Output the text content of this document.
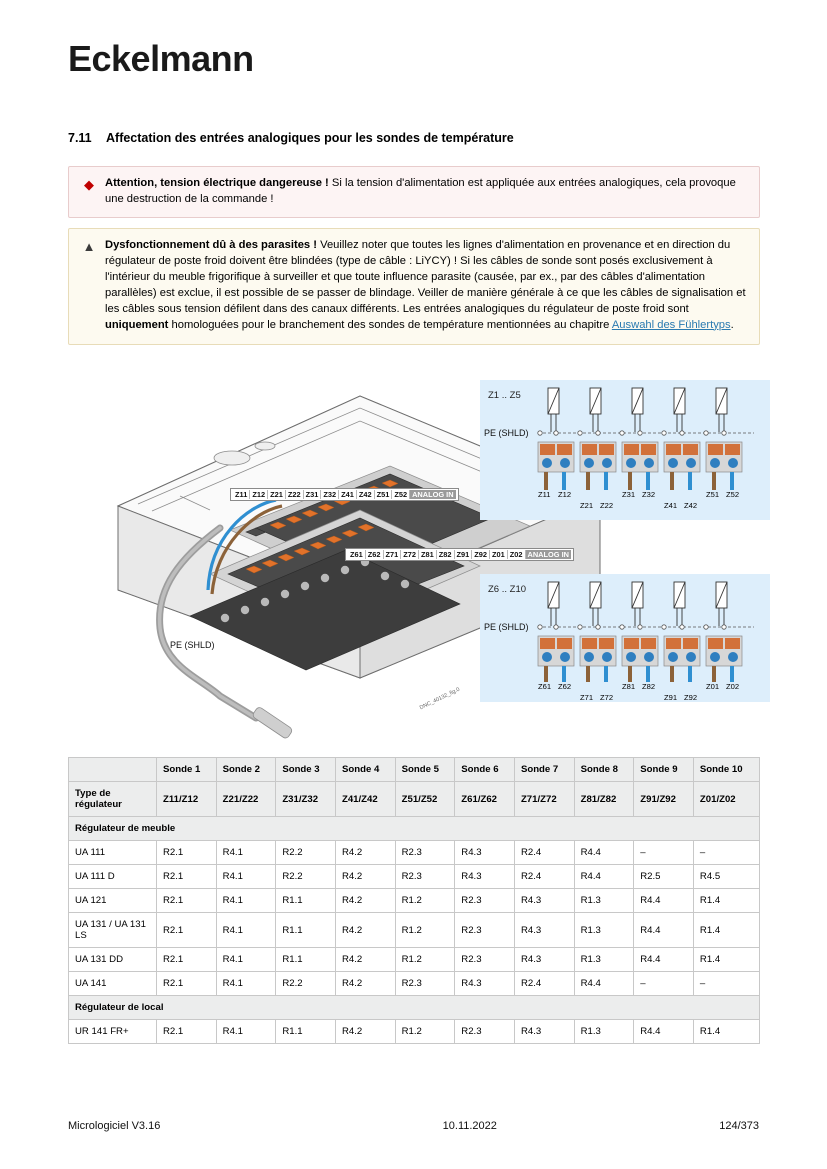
Eckelmann
7.11 Affectation des entrées analogiques pour les sondes de température
◆ Attention, tension électrique dangereuse ! Si la tension d'alimentation est appliquée aux entrées analogiques, cela provoque une destruction de la commande !
▲ Dysfonctionnement dû à des parasites ! Veuillez noter que toutes les lignes d'alimentation en provenance et en direction du régulateur de poste froid doivent être blindées (type de câble : LiYCY) ! Si les câbles de sonde sont posés exclusivement à l'intérieur du meuble frigorifique à surveiller et que toute influence parasite (causée, par ex., par des câbles d'alimentation parallèles) est exclue, il est possible de se passer de blindage. Veiller de manière générale à ce que les câbles de signalisation et les câbles sous tension défilent dans des canaux différents. Les entrées analogiques du régulateur de poste froid sont uniquement homologuées pour le branchement des sondes de température mentionnées au chapitre Auswahl des Fühlertyps.
Z1 .. Z5
PE (SHLD)
Z11 Z12	Z31 Z32	Z51 Z52
Z21 Z22	Z41 Z42
Z6 .. Z10
PE (SHLD)
Z61 Z62	Z81 Z82	Z01 Z02
Z71 Z72	Z91 Z92
Z11 Z12 Z21 Z22 Z31 Z32 Z41 Z42 Z51 Z52 ANALOG IN
Z61 Z62 Z71 Z72 Z81 Z82 Z91 Z92 Z01 Z02 ANALOG IN
PE (SHLD)
DNC_40132_fig.0
	Sonde 1	Sonde 2	Sonde 3	Sonde 4	Sonde 5	Sonde 6	Sonde 7	Sonde 8	Sonde 9	Sonde 10
Type de régulateur	Z11/Z12	Z21/Z22	Z31/Z32	Z41/Z42	Z51/Z52	Z61/Z62	Z71/Z72	Z81/Z82	Z91/Z92	Z01/Z02
Régulateur de meuble										
UA 111	R2.1	R4.1	R2.2	R4.2	R2.3	R4.3	R2.4	R4.4	–	–
UA 111 D	R2.1	R4.1	R2.2	R4.2	R2.3	R4.3	R2.4	R4.4	R2.5	R4.5
UA 121	R2.1	R4.1	R1.1	R4.2	R1.2	R2.3	R4.3	R1.3	R4.4	R1.4
UA 131 / UA 131 LS	R2.1	R4.1	R1.1	R4.2	R1.2	R2.3	R4.3	R1.3	R4.4	R1.4
UA 131 DD	R2.1	R4.1	R1.1	R4.2	R1.2	R2.3	R4.3	R1.3	R4.4	R1.4
UA 141	R2.1	R4.1	R2.2	R4.2	R2.3	R4.3	R2.4	R4.4	–	–
Régulateur de local										
UR 141 FR+	R2.1	R4.1	R1.1	R4.2	R1.2	R2.3	R4.3	R1.3	R4.4	R1.4
Micrologiciel V3.16	10.11.2022	124/373
